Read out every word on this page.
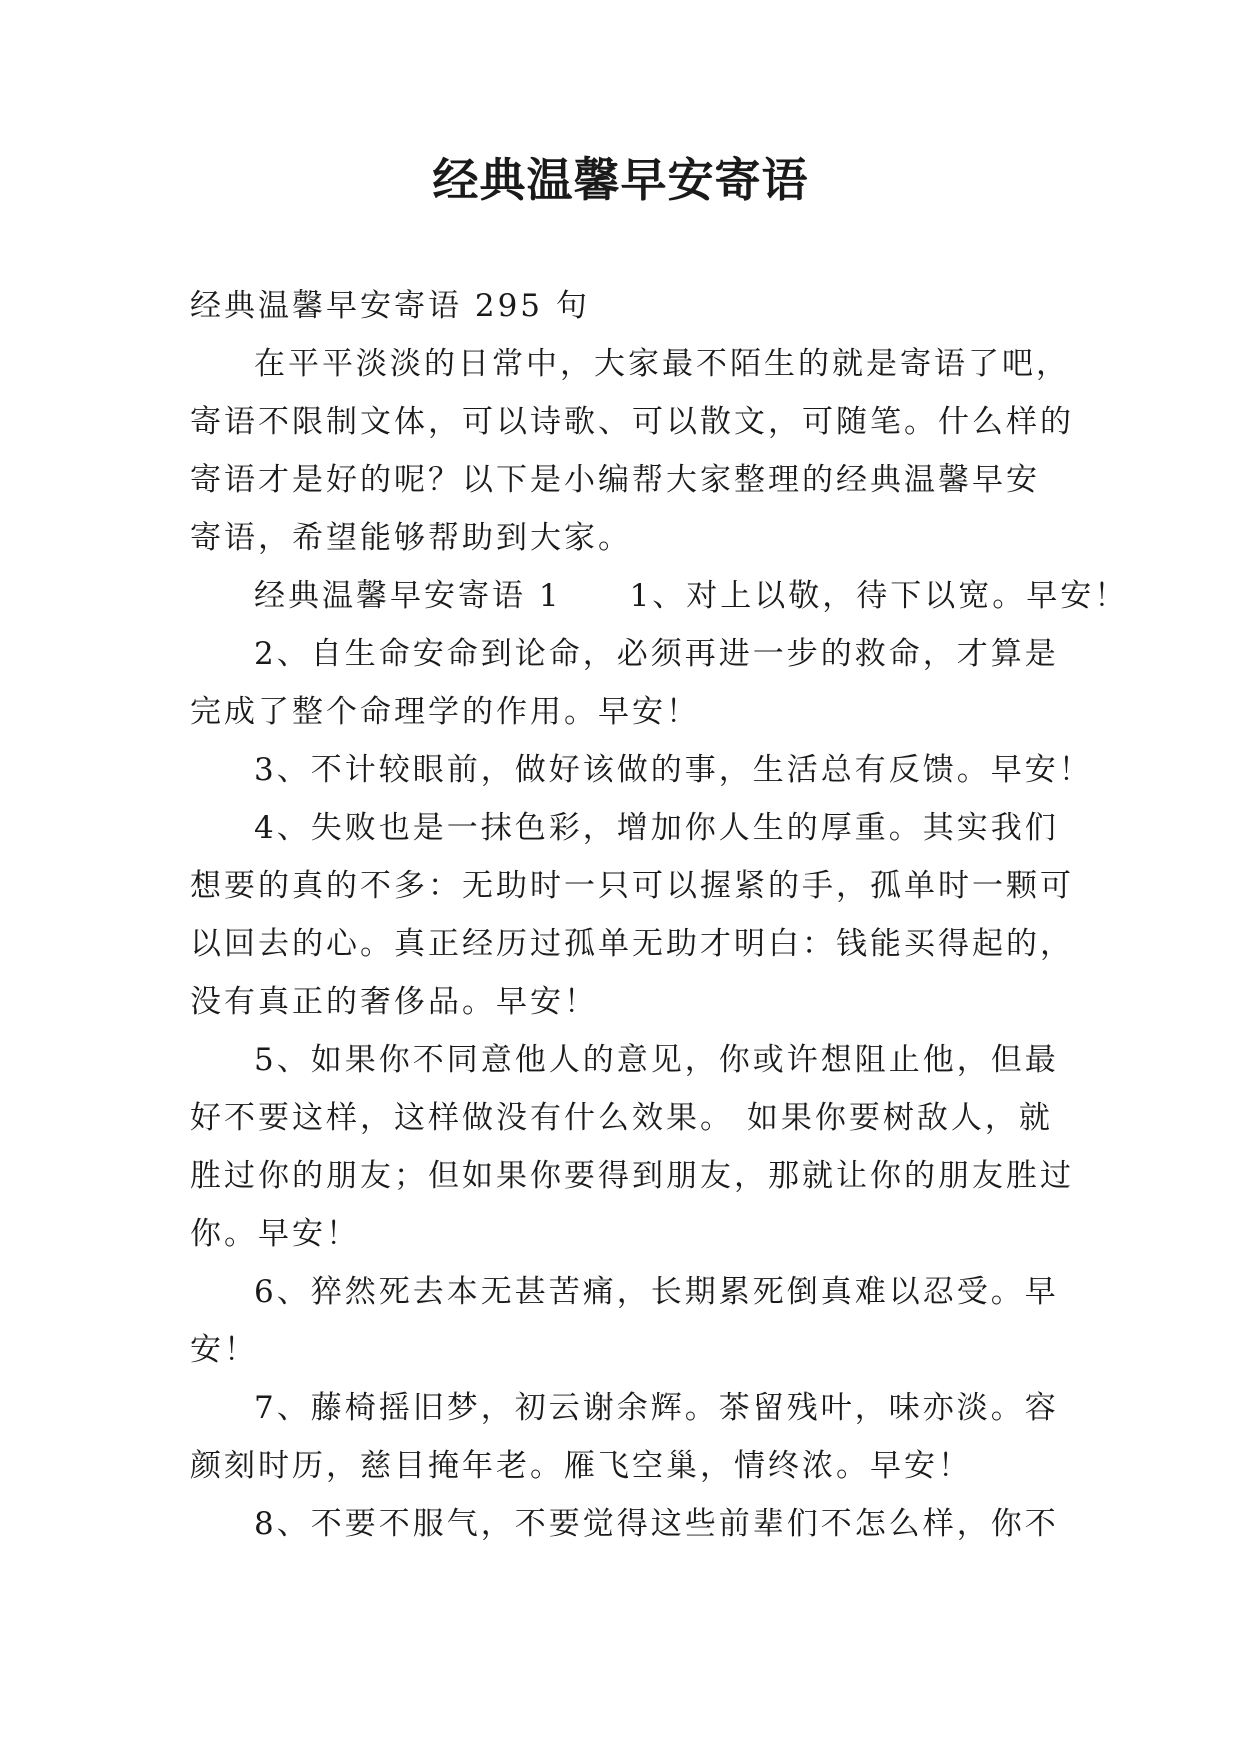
经典温馨早安寄语
经典温馨早安寄语 295 句
在平平淡淡的日常中，大家最不陌生的就是寄语了吧，
寄语不限制文体，可以诗歌、可以散文，可随笔。什么样的
寄语才是好的呢？以下是小编帮大家整理的经典温馨早安
寄语，希望能够帮助到大家。
经典温馨早安寄语 1　　1、对上以敬，待下以宽。早安！
2、自生命安命到论命，必须再进一步的救命，才算是
完成了整个命理学的作用。早安！
3、不计较眼前，做好该做的事，生活总有反馈。早安！
4、失败也是一抹色彩，增加你人生的厚重。其实我们
想要的真的不多：无助时一只可以握紧的手，孤单时一颗可
以回去的心。真正经历过孤单无助才明白：钱能买得起的，
没有真正的奢侈品。早安！
5、如果你不同意他人的意见，你或许想阻止他，但最
好不要这样，这样做没有什么效果。 如果你要树敌人，就
胜过你的朋友；但如果你要得到朋友，那就让你的朋友胜过
你。早安！
6、猝然死去本无甚苦痛，长期累死倒真难以忍受。早
安！
7、藤椅摇旧梦，初云谢余辉。茶留残叶，味亦淡。容
颜刻时历，慈目掩年老。雁飞空巢，情终浓。早安！
8、不要不服气，不要觉得这些前辈们不怎么样，你不
